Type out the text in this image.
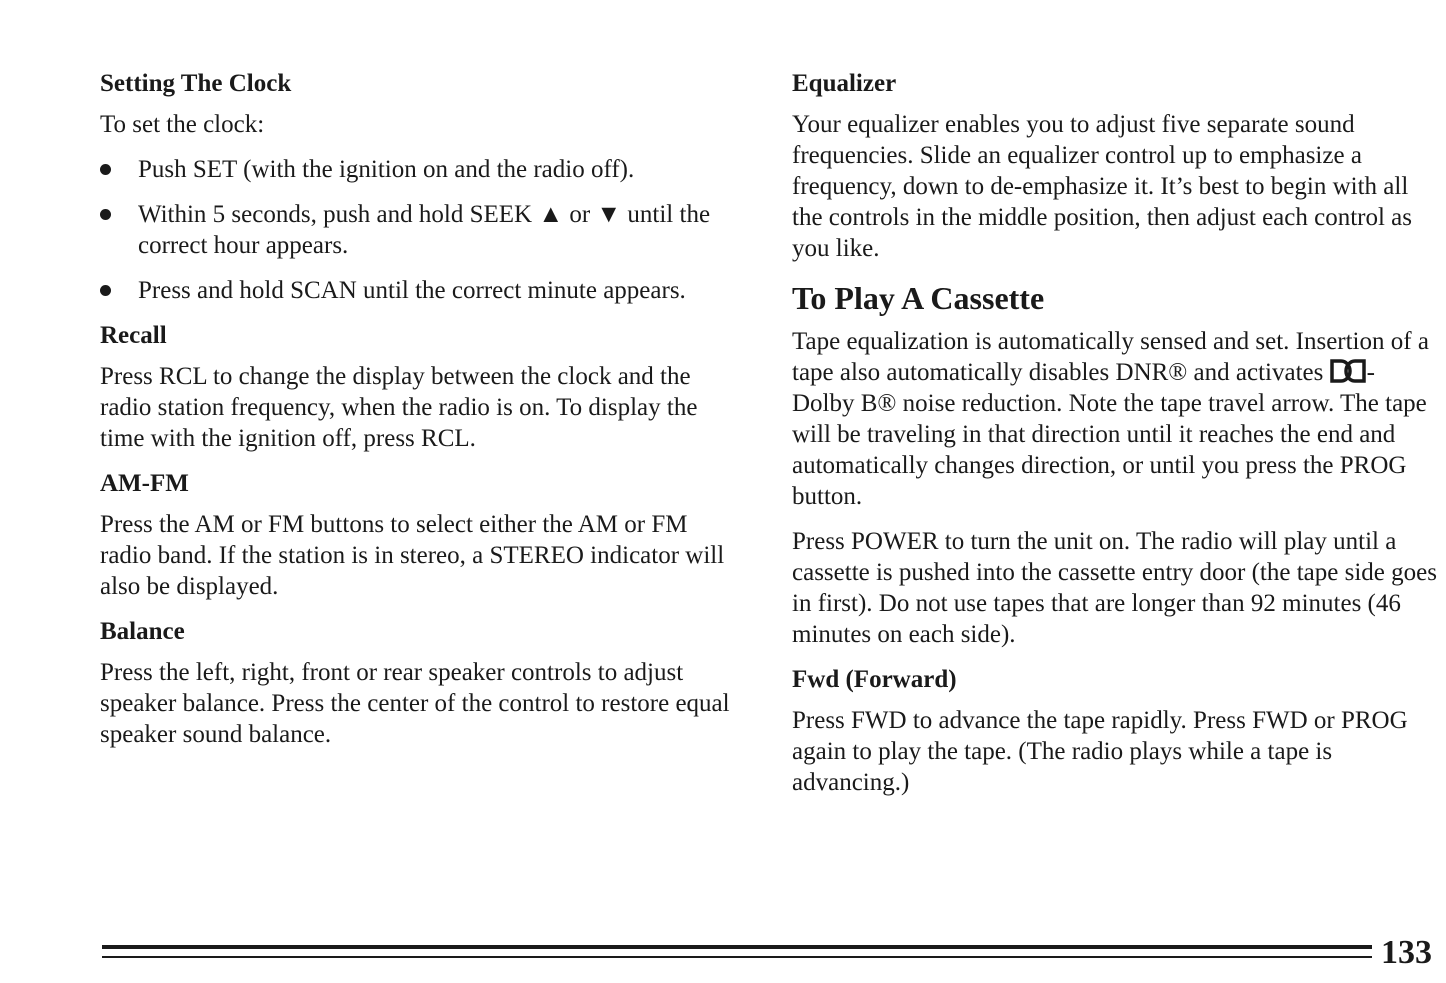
Setting The Clock

To set the clock:

Push SET (with the ignition on and the radio off).
Within 5 seconds, push and hold SEEK ▲ or ▼ until the correct hour appears.
Press and hold SCAN until the correct minute appears.
Recall

Press RCL to change the display between the clock and the radio station frequency, when the radio is on. To display the time with the ignition off, press RCL.

AM-FM

Press the AM or FM buttons to select either the AM or FM radio band. If the station is in stereo, a STEREO indicator will also be displayed.

Balance

Press the left, right, front or rear speaker controls to adjust speaker balance. Press the center of the control to restore equal speaker sound balance.

Equalizer

Your equalizer enables you to adjust five separate sound frequencies. Slide an equalizer control up to emphasize a frequency, down to de-emphasize it. It’s best to begin with all the controls in the middle position, then adjust each control as you like.

To Play A Cassette

Tape equalization is automatically sensed and set. Insertion of a tape also automatically disables DNR® and activates -Dolby B® noise reduction. Note the tape travel arrow. The tape will be traveling in that direction until it reaches the end and automatically changes direction, or until you press the PROG button.

Press POWER to turn the unit on. The radio will play until a cassette is pushed into the cassette entry door (the tape side goes in first). Do not use tapes that are longer than 92 minutes (46 minutes on each side).

Fwd (Forward)

Press FWD to advance the tape rapidly. Press FWD or PROG again to play the tape. (The radio plays while a tape is advancing.)

133
